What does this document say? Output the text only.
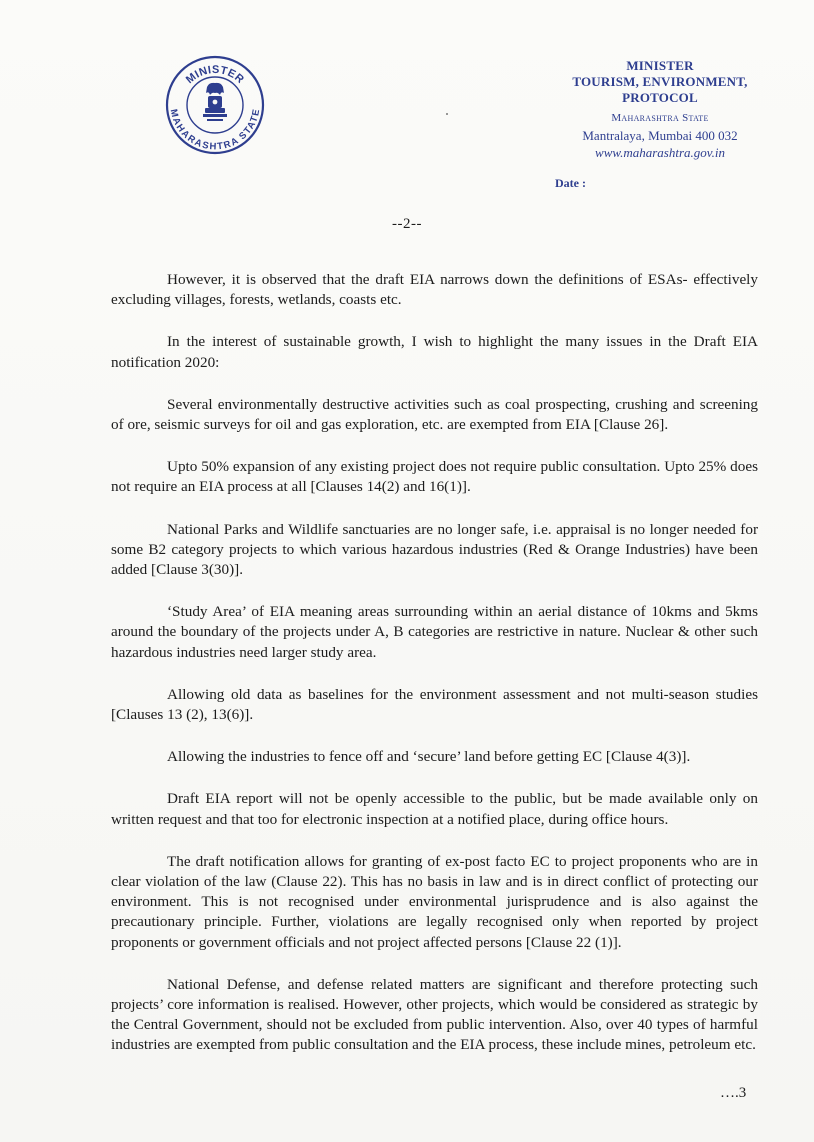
MINISTER
MAHARASHTRA STATE
MINISTER
TOURISM, ENVIRONMENT,
PROTOCOL
Maharashtra State
Mantralaya, Mumbai 400 032
www.maharashtra.gov.in
Date :
--2--

However, it is observed that the draft EIA narrows down the definitions of ESAs- effectively excluding villages, forests, wetlands, coasts etc.

In the interest of sustainable growth, I wish to highlight the many issues in the Draft EIA notification 2020:

Several environmentally destructive activities such as coal prospecting, crushing and screening of ore, seismic surveys for oil and gas exploration, etc. are exempted from EIA [Clause 26].

Upto 50% expansion of any existing project does not require public consultation. Upto 25% does not require an EIA process at all [Clauses 14(2) and 16(1)].

National Parks and Wildlife sanctuaries are no longer safe, i.e. appraisal is no longer needed for some B2 category projects to which various hazardous industries (Red & Orange Industries) have been added [Clause 3(30)].

‘Study Area’ of EIA meaning areas surrounding within an aerial distance of 10kms and 5kms around the boundary of the projects under A, B categories are restrictive in nature. Nuclear & other such hazardous industries need larger study area.

Allowing old data as baselines for the environment assessment and not multi-season studies [Clauses 13 (2), 13(6)].

Allowing the industries to fence off and ‘secure’ land before getting EC [Clause 4(3)].

Draft EIA report will not be openly accessible to the public, but be made available only on written request and that too for electronic inspection at a notified place, during office hours.

The draft notification allows for granting of ex-post facto EC to project proponents who are in clear violation of the law (Clause 22). This has no basis in law and is in direct conflict of protecting our environment. This is not recognised under environmental jurisprudence and is also against the precautionary principle. Further, violations are legally recognised only when reported by project proponents or government officials and not project affected persons [Clause 22 (1)].

National Defense, and defense related matters are significant and therefore protecting such projects’ core information is realised. However, other projects, which would be considered as strategic by the Central Government, should not be excluded from public intervention. Also, over 40 types of harmful industries are exempted from public consultation and the EIA process, these include mines, petroleum etc.

….3
